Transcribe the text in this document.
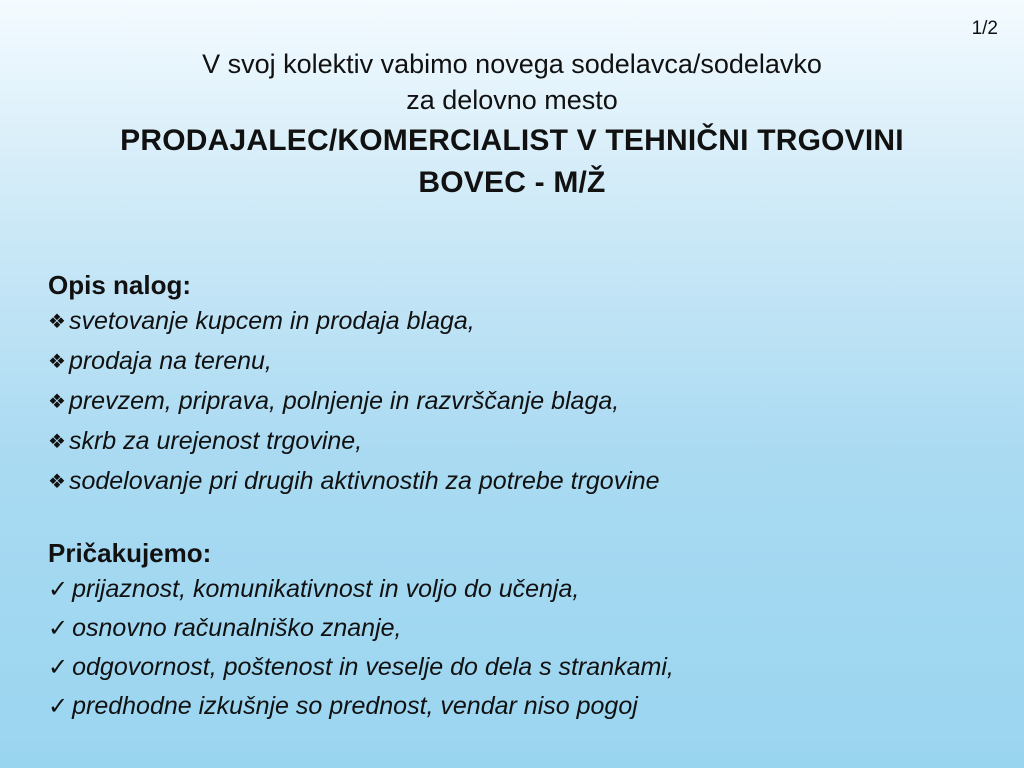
1/2
V svoj kolektiv vabimo novega sodelavca/sodelavko
za delovno mesto
PRODAJALEC/KOMERCIALIST V TEHNIČNI TRGOVINI
BOVEC - M/Ž
Opis nalog:
❖ svetovanje kupcem in prodaja blaga,
❖ prodaja na terenu,
❖ prevzem, priprava, polnjenje in razvrščanje blaga,
❖ skrb za urejenost trgovine,
❖ sodelovanje pri drugih aktivnostih za potrebe trgovine
Pričakujemo:
✓ prijaznost, komunikativnost in voljo do učenja,
✓ osnovno računalniško znanje,
✓ odgovornost, poštenost in veselje do dela s strankami,
✓ predhodne izkušnje so prednost, vendar niso pogoj
